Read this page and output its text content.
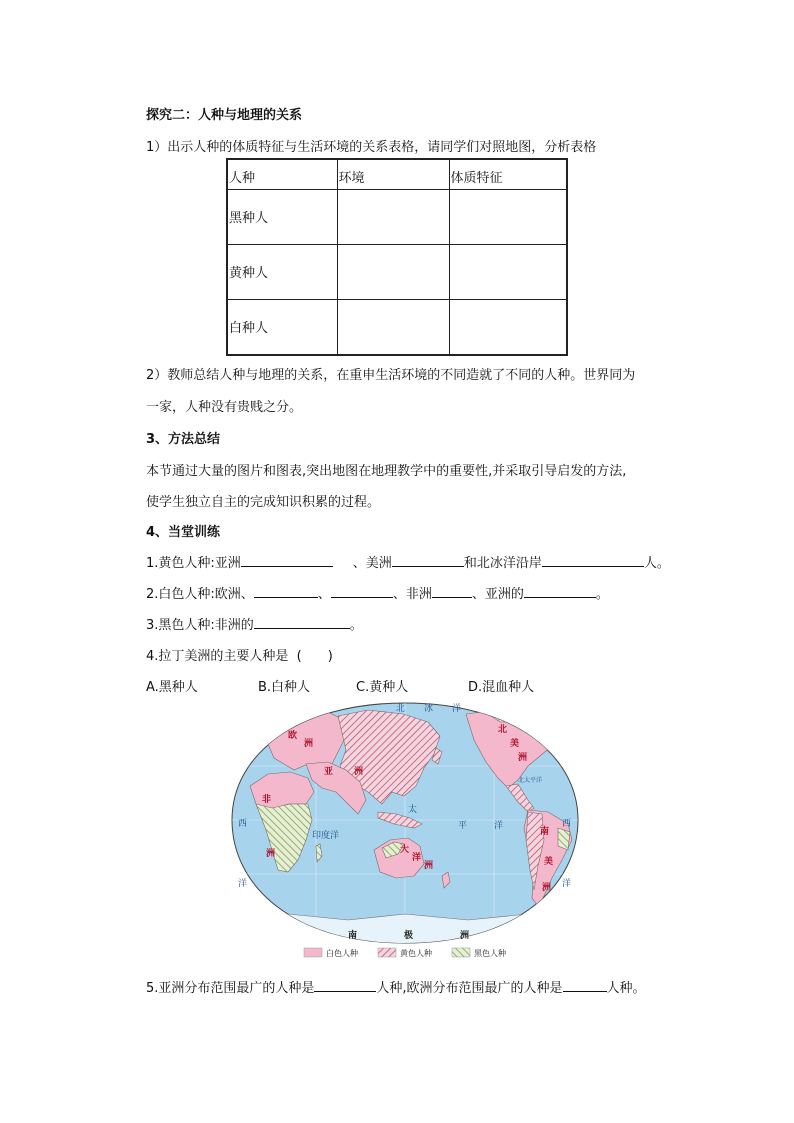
探究二：人种与地理的关系
1）出示人种的体质特征与生活环境的关系表格，请同学们对照地图，分析表格
人种	环境	体质特征
黑种人		
黄种人		
白种人		
2）教师总结人种与地理的关系，在重申生活环境的不同造就了不同的人种。世界同为
一家，人种没有贵贱之分。
3、方法总结
本节通过大量的图片和图表,突出地图在地理教学中的重要性,并采取引导启发的方法,
使学生独立自主的完成知识积累的过程。
4、当堂训练
1.黄色人种:亚洲	、美洲	和北冰洋沿岸	人。
2.白色人种:欧洲、	、	、非洲	、亚洲的	。
3.黑色人种:非洲的	。
4.拉丁美洲的主要人种是 (　　)
A.黑种人	B.白种人	C.黄种人	D.混血种人
北 冰 洋
印度洋
太
平	洋
西
洋
西
洋
北太平洋
欧
洲
亚 洲
非
洲	大
洋
洲
北
美
洲
南
美
洲
南	极	洲
白色人种	黄色人种	黑色人种
5.亚洲分布范围最广的人种是	人种,欧洲分布范围最广的人种是	人种。
